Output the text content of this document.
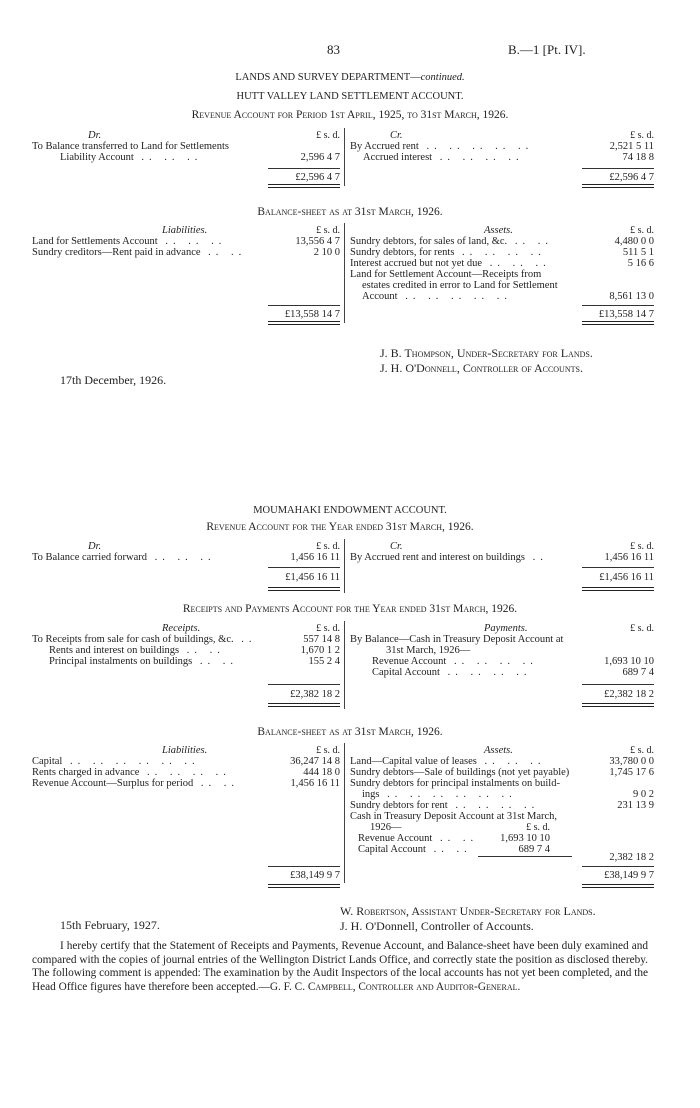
83	B.—1 [Pt. IV].
LANDS AND SURVEY DEPARTMENT—continued.
HUTT VALLEY LAND SETTLEMENT ACCOUNT.
Revenue Account for Period 1st April, 1925, to 31st March, 1926.
Dr.	£ s. d.	Cr.	£ s. d.
To Balance transferred to Land for Settlements
Liability Account .. .. ..	2,596 4 7
By Accrued rent .. .. .. .. ..	2,521 5 11
Accrued interest .. .. .. ..	74 18 8
£2,596 4 7	£2,596 4 7
Balance-sheet as at 31st March, 1926.
Liabilities.	£ s. d.	Assets.	£ s. d.
Land for Settlements Account .. .. ..	13,556 4 7
Sundry creditors—Rent paid in advance .. ..	2 10 0
Sundry debtors, for sales of land, &c. .. ..	4,480 0 0
Sundry debtors, for rents .. .. .. ..	511 5 1
Interest accrued but not yet due .. .. ..	5 16 6
Land for Settlement Account—Receipts from
estates credited in error to Land for Settlement
Account .. .. .. .. ..	8,561 13 0
£13,558 14 7	£13,558 14 7
J. B. Thompson, Under-Secretary for Lands.
J. H. O'Donnell, Controller of Accounts.
17th December, 1926.
MOUMAHAKI ENDOWMENT ACCOUNT.
Revenue Account for the Year ended 31st March, 1926.
Dr.	£ s. d.	Cr.	£ s. d.
To Balance carried forward .. .. ..	1,456 16 11 By Accrued rent and interest on buildings ..	1,456 16 11
£1,456 16 11	£1,456 16 11
Receipts and Payments Account for the Year ended 31st March, 1926.
Receipts.	£ s. d.	Payments.	£ s. d.
To Receipts from sale for cash of buildings, &c. ..	557 14 8
Rents and interest on buildings .. ..	1,670 1 2
Principal instalments on buildings .. ..	155 2 4
By Balance—Cash in Treasury Deposit Account at
31st March, 1926—
Revenue Account .. .. .. ..	1,693 10 10
Capital Account .. .. .. ..	689 7 4
£2,382 18 2	£2,382 18 2
Balance-sheet as at 31st March, 1926.
Liabilities.	£ s. d.	Assets.	£ s. d.
Capital .. .. .. .. .. ..	36,247 14 8
Rents charged in advance .. .. .. ..	444 18 0
Revenue Account—Surplus for period .. ..	1,456 16 11
Land—Capital value of leases .. .. ..	33,780 0 0
Sundry debtors—Sale of buildings (not yet payable)	1,745 17 6
Sundry debtors for principal instalments on build-
ings .. .. .. .. .. ..	9 0 2
Sundry debtors for rent .. .. .. ..	231 13 9
Cash in Treasury Deposit Account at 31st March,
1926—	£ s. d.
Revenue Account .. ..	1,693 10 10
Capital Account .. ..	689 7 4
2,382 18 2
£38,149 9 7	£38,149 9 7
W. Robertson, Assistant Under-Secretary for Lands.
J. H. O'Donnell, Controller of Accounts.
15th February, 1927.
I hereby certify that the Statement of Receipts and Payments, Revenue Account, and Balance-sheet have been duly examined and compared with the copies of journal entries of the Wellington District Lands Office, and correctly state the position as disclosed thereby. The following comment is appended: The examination by the Audit Inspectors of the local accounts has not yet been completed, and the Head Office figures have therefore been accepted.—G. F. C. Campbell, Controller and Auditor-General.
